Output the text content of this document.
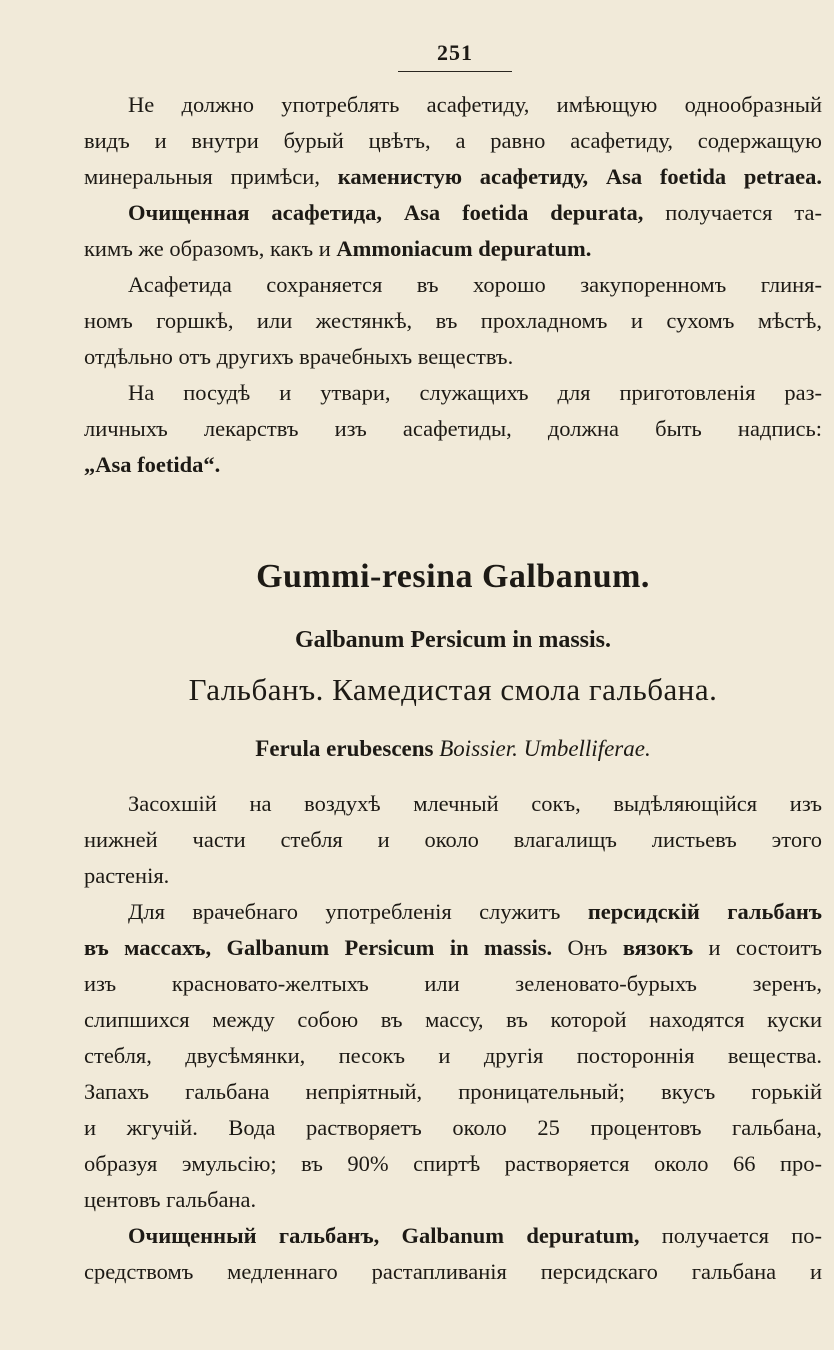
251
Не должно употреблять асафетиду, имѣющую однообразный
видъ и внутри бурый цвѣтъ, а равно асафетиду, содержащую
минеральныя примѣси, каменистую асафетиду, Asa foetida petraea.
Очищенная асафетида, Asa foetida depurata, получается та-
кимъ же образомъ, какъ и Ammoniacum depuratum.
Асафетида сохраняется въ хорошо закупоренномъ глиня-
номъ горшкѣ, или жестянкѣ, въ прохладномъ и сухомъ мѣстѣ,
отдѣльно отъ другихъ врачебныхъ веществъ.
На посудѣ и утвари, служащихъ для приготовленія раз-
личныхъ лекарствъ изъ асафетиды, должна быть надпись:
„Asa foetida“.
Gummi-resina Galbanum.
Galbanum Persicum in massis.
Гальбанъ. Камедистая смола гальбана.
Ferula erubescens Boissier. Umbelliferae.
Засохшій на воздухѣ млечный сокъ, выдѣляющійся изъ
нижней части стебля и около влагалищъ листьевъ этого
растенія.
Для врачебнаго употребленія служитъ персидскій гальбанъ
въ массахъ, Galbanum Persicum in massis. Онъ вязокъ и состоитъ
изъ красновато-желтыхъ или зеленовато-бурыхъ зеренъ,
слипшихся между собою въ массу, въ которой находятся куски
стебля, двусѣмянки, песокъ и другія постороннія вещества.
Запахъ гальбана непріятный, проницательный; вкусъ горькій
и жгучій. Вода растворяетъ около 25 процентовъ гальбана,
образуя эмульсію; въ 90% спиртѣ растворяется около 66 про-
центовъ гальбана.
Очищенный гальбанъ, Galbanum depuratum, получается по-
средствомъ медленнаго растапливанія персидскаго гальбана и
